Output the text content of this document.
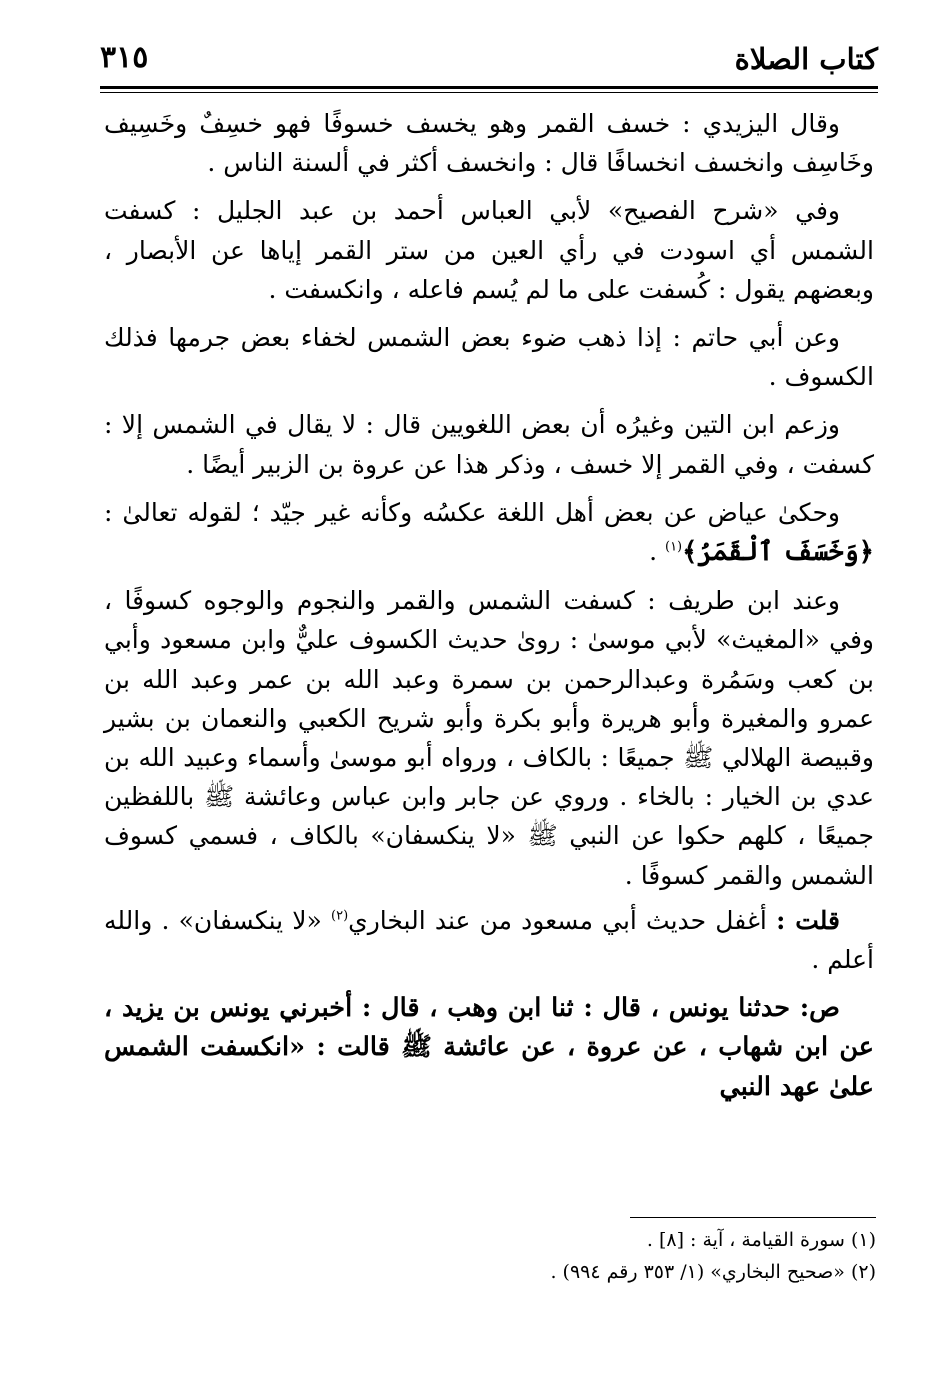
كتاب الصلاة
٣١٥

وقال اليزيدي : خسف القمر وهو يخسف خسوفًا فهو خسِفٌ وخَسِيف وخَاسِف وانخسف انخسافًا قال : وانخسف أكثر في ألسنة الناس .

وفي «شرح الفصيح» لأبي العباس أحمد بن عبد الجليل : كسفت الشمس أي اسودت في رأي العين من ستر القمر إياها عن الأبصار ، وبعضهم يقول : كُسفت على ما لم يُسم فاعله ، وانكسفت .

وعن أبي حاتم : إذا ذهب ضوء بعض الشمس لخفاء بعض جرمها فذلك الكسوف .

وزعم ابن التين وغيرُه أن بعض اللغويين قال : لا يقال في الشمس إلا : كسفت ، وفي القمر إلا خسف ، وذكر هذا عن عروة بن الزبير أيضًا .

وحكىٰ عياض عن بعض أهل اللغة عكسُه وكأنه غير جيّد ؛ لقوله تعالىٰ : ﴿وَخَسَفَ ٱلْقَمَرُ﴾$^{(١)}$ .

وعند ابن طريف : كسفت الشمس والقمر والنجوم والوجوه كسوفًا ، وفي «المغيث» لأبي موسىٰ : روىٰ حديث الكسوف عليٌّ وابن مسعود وأبي بن كعب وسَمُرة وعبدالرحمن بن سمرة وعبد الله بن عمر وعبد الله بن عمرو والمغيرة وأبو هريرة وأبو بكرة وأبو شريح الكعبي والنعمان بن بشير وقبيصة الهلالي ﷺ جميعًا : بالكاف ، ورواه أبو موسىٰ وأسماء وعبيد الله بن عدي بن الخيار : بالخاء . وروي عن جابر وابن عباس وعائشة ﷺ باللفظين جميعًا ، كلهم حكوا عن النبي ﷺ «لا ينكسفان» بالكاف ، فسمي كسوف الشمس والقمر كسوفًا .

قلت : أغفل حديث أبي مسعود من عند البخاري$^{(٢)}$ «لا ينكسفان» . والله أعلم .

ص: حدثنا يونس ، قال : ثنا ابن وهب ، قال : أخبرني يونس بن يزيد ، عن ابن شهاب ، عن عروة ، عن عائشة ﷺ قالت : «انكسفت الشمس علىٰ عهد النبي

(١) سورة القيامة ، آية : [٨] .
(٢) «صحيح البخاري» (١/ ٣٥٣ رقم ٩٩٤) .
